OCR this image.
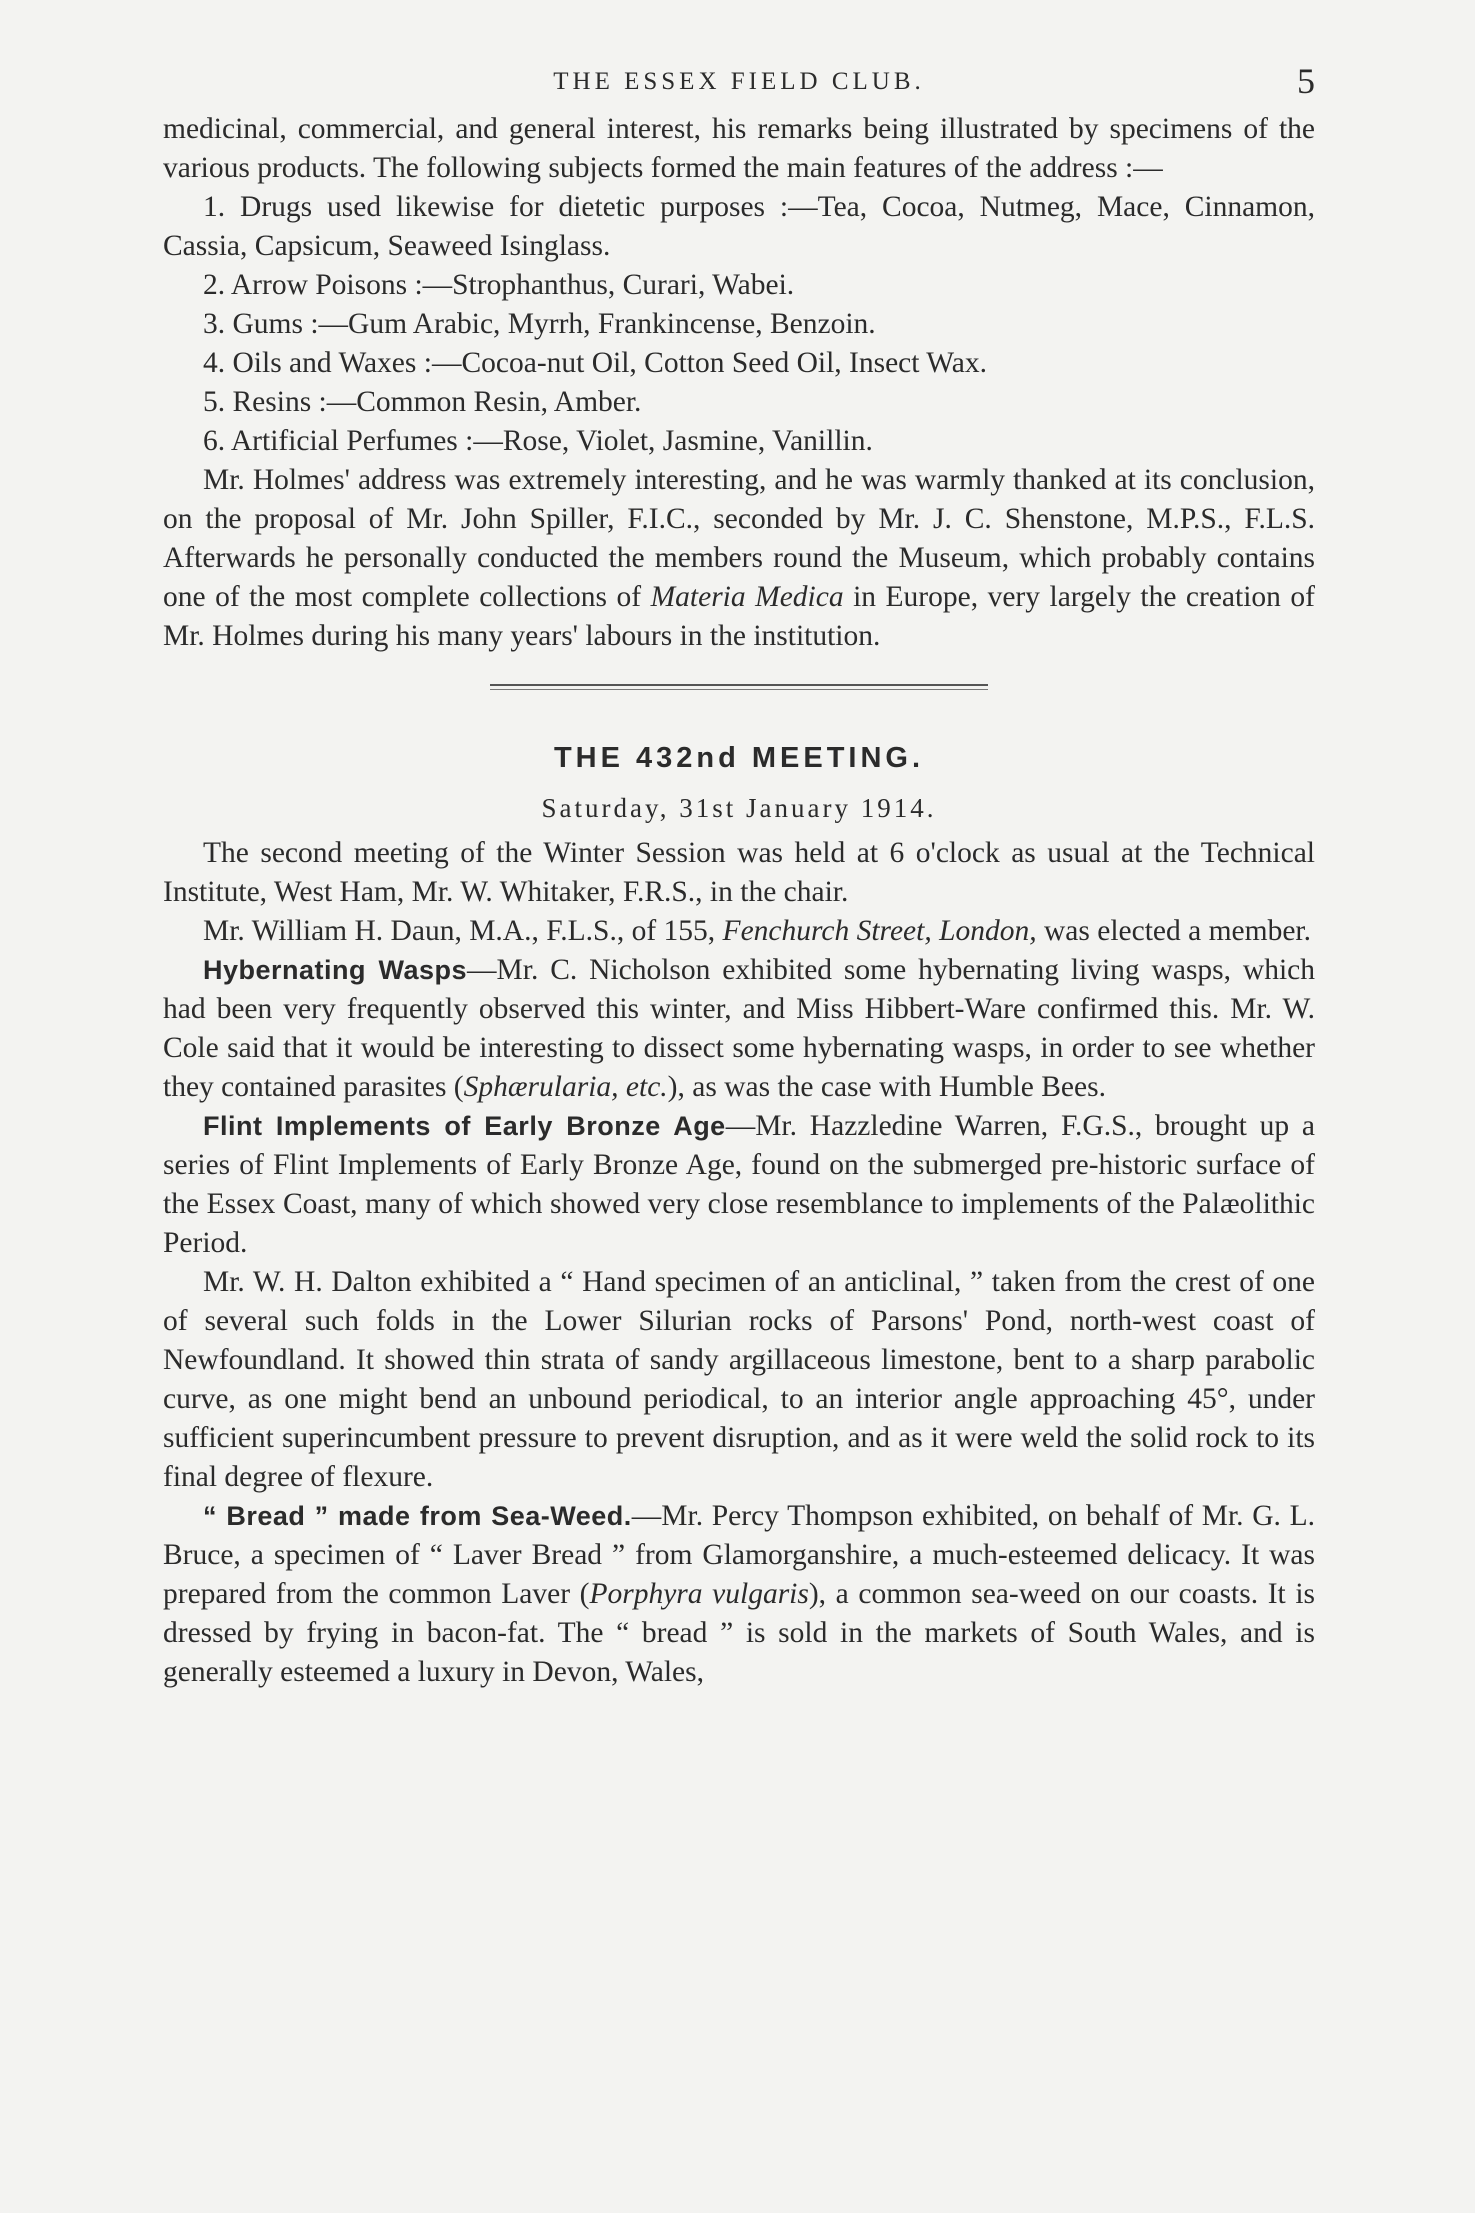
THE ESSEX FIELD CLUB.	5

medicinal, commercial, and general interest, his remarks being illustrated by specimens of the various products. The following subjects formed the main features of the address :—

1. Drugs used likewise for dietetic purposes :—Tea, Cocoa, Nutmeg, Mace, Cinnamon, Cassia, Capsicum, Seaweed Isinglass.

2. Arrow Poisons :—Strophanthus, Curari, Wabei.

3. Gums :—Gum Arabic, Myrrh, Frankincense, Benzoin.

4. Oils and Waxes :—Cocoa-nut Oil, Cotton Seed Oil, Insect Wax.

5. Resins :—Common Resin, Amber.

6. Artificial Perfumes :—Rose, Violet, Jasmine, Vanillin.

Mr. Holmes' address was extremely interesting, and he was warmly thanked at its conclusion, on the proposal of Mr. John Spiller, F.I.C., seconded by Mr. J. C. Shenstone, M.P.S., F.L.S. Afterwards he personally conducted the members round the Museum, which probably contains one of the most complete collections of Materia Medica in Europe, very largely the creation of Mr. Holmes during his many years' labours in the institution.

THE 432nd MEETING.
Saturday, 31st January 1914.

The second meeting of the Winter Session was held at 6 o'clock as usual at the Technical Institute, West Ham, Mr. W. Whitaker, F.R.S., in the chair.

Mr. William H. Daun, M.A., F.L.S., of 155, Fenchurch Street, London, was elected a member.

Hybernating Wasps—Mr. C. Nicholson exhibited some hybernating living wasps, which had been very frequently observed this winter, and Miss Hibbert-Ware confirmed this. Mr. W. Cole said that it would be interesting to dissect some hybernating wasps, in order to see whether they contained parasites (Sphærularia, etc.), as was the case with Humble Bees.

Flint Implements of Early Bronze Age—Mr. Hazzledine Warren, F.G.S., brought up a series of Flint Implements of Early Bronze Age, found on the submerged pre-historic surface of the Essex Coast, many of which showed very close resemblance to implements of the Palæolithic Period.

Mr. W. H. Dalton exhibited a “ Hand specimen of an anticlinal, ” taken from the crest of one of several such folds in the Lower Silurian rocks of Parsons' Pond, north-west coast of Newfoundland. It showed thin strata of sandy argillaceous limestone, bent to a sharp parabolic curve, as one might bend an unbound periodical, to an interior angle approaching 45°, under sufficient superincumbent pressure to prevent disruption, and as it were weld the solid rock to its final degree of flexure.

“ Bread ” made from Sea-Weed.—Mr. Percy Thompson exhibited, on behalf of Mr. G. L. Bruce, a specimen of “ Laver Bread ” from Glamorganshire, a much-esteemed delicacy. It was prepared from the common Laver (Porphyra vulgaris), a common sea-weed on our coasts. It is dressed by frying in bacon-fat. The “ bread ” is sold in the markets of South Wales, and is generally esteemed a luxury in Devon, Wales,
